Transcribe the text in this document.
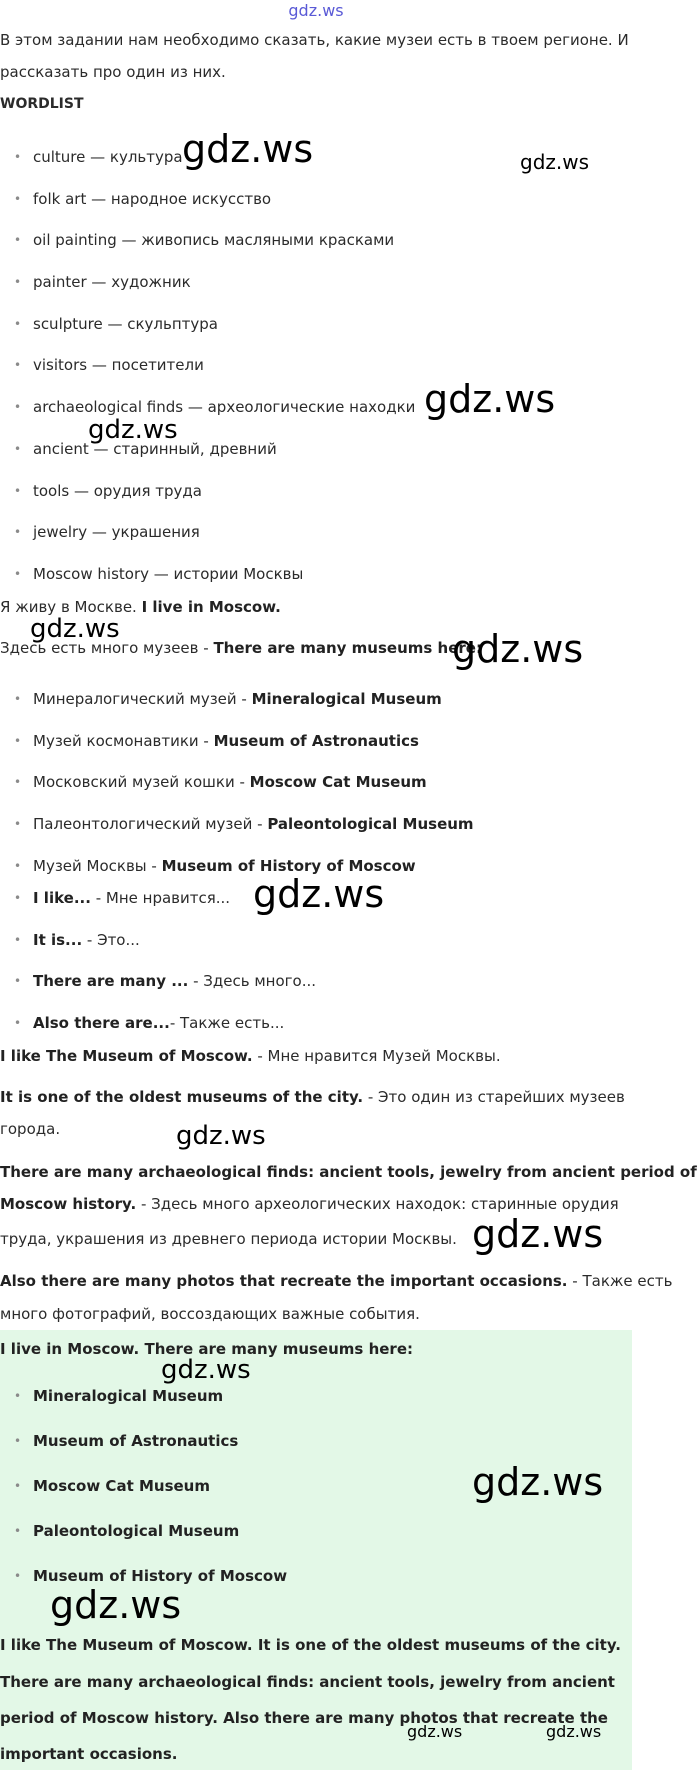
gdz.ws
В этом задании нам необходимо сказать, какие музеи есть в твоем регионе. И
рассказать про один из них.
WORDLIST
• culture — культура
• folk art — народное искусство
• oil painting — живопись масляными красками
• painter — художник
• sculpture — скульптура
• visitors — посетители
• archaeological finds — археологические находки
• ancient — старинный, древний
• tools — орудия труда
• jewelry — украшения
• Moscow history — истории Москвы
Я живу в Москве. I live in Moscow.
Здесь есть много музеев - There are many museums here:
• Минералогический музей - Mineralogical Museum
• Музей космонавтики - Museum of Astronautics
• Московский музей кошки - Moscow Cat Museum
• Палеонтологический музей - Paleontological Museum
• Музей Москвы - Museum of History of Moscow
• I like... - Мне нравится...
• It is... - Это...
• There are many ... - Здесь много...
• Also there are...- Также есть...
I like The Museum of Moscow. - Мне нравится Музей Москвы.
It is one of the oldest museums of the city. - Это один из старейших музеев
города.
There are many archaeological finds: ancient tools, jewelry from ancient period of
Moscow history. - Здесь много археологических находок: старинные орудия
труда, украшения из древнего периода истории Москвы.
Also there are many photos that recreate the important occasions. - Также есть
много фотографий, воссоздающих важные события.
I live in Moscow. There are many museums here:
• Mineralogical Museum
• Museum of Astronautics
• Moscow Cat Museum
• Paleontological Museum
• Museum of History of Moscow
I like The Museum of Moscow. It is one of the oldest museums of the city.
There are many archaeological finds: ancient tools, jewelry from ancient
period of Moscow history. Also there are many photos that recreate the
important occasions.
gdz.ws	gdz.ws
gdz.ws
gdz.ws
gdz.ws	gdz.ws
gdz.ws
gdz.ws
gdz.ws
gdz.ws
gdz.ws
gdz.ws
gdz.ws	gdz.ws
